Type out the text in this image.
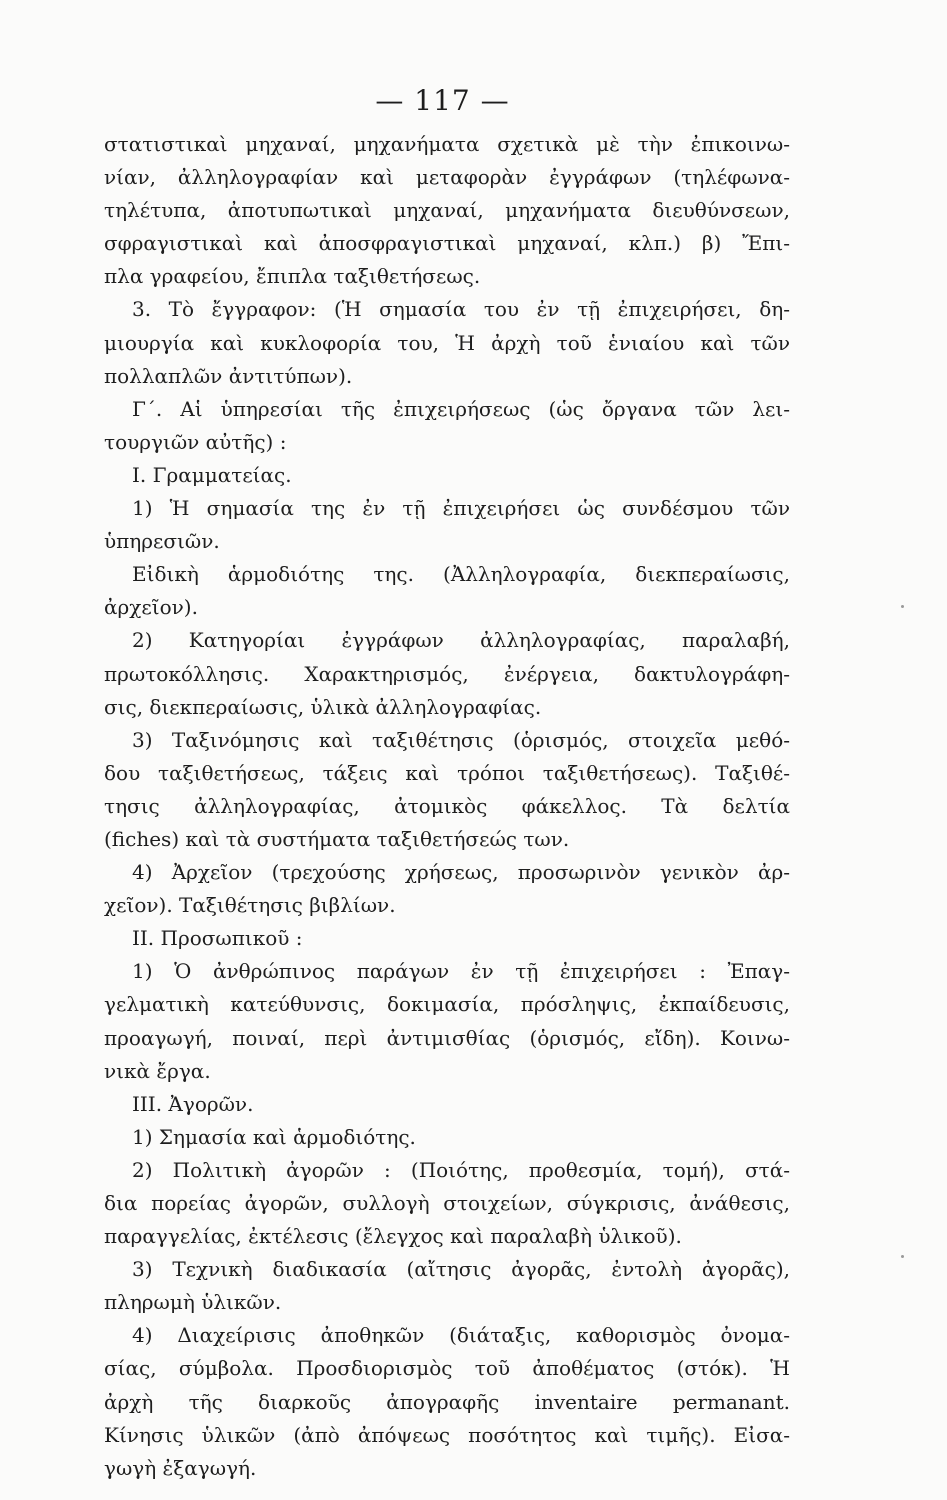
— 117 —
στατιστικαὶ μηχαναί, μηχανήματα σχετικὰ μὲ τὴν ἐπικοινω-
νίαν, ἀλληλογραφίαν καὶ μεταφορὰν ἐγγράφων (τηλέφωνα-
τηλέτυπα, ἀποτυπωτικαὶ μηχαναί, μηχανήματα διευθύνσεων,
σφραγιστικαὶ καὶ ἀποσφραγιστικαὶ μηχαναί, κλπ.) β) Ἔπι-
πλα γραφείου, ἔπιπλα ταξιθετήσεως.
3. Τὸ ἔγγραφον: (Ἡ σημασία του ἐν τῇ ἐπιχειρήσει, δη-
μιουργία καὶ κυκλοφορία του, Ἡ ἀρχὴ τοῦ ἑνιαίου καὶ τῶν
πολλαπλῶν ἀντιτύπων).
Γ΄. Αἱ ὑπηρεσίαι τῆς ἐπιχειρήσεως (ὡς ὄργανα τῶν λει-
τουργιῶν αὐτῆς) :
Ι. Γραμματείας.
1) Ἡ σημασία της ἐν τῇ ἐπιχειρήσει ὡς συνδέσμου τῶν
ὑπηρεσιῶν.
Εἰδικὴ ἁρμοδιότης της. (Ἀλληλογραφία, διεκπεραίωσις,
ἀρχεῖον).
2) Κατηγορίαι ἐγγράφων ἀλληλογραφίας, παραλαβή,
πρωτοκόλλησις. Χαρακτηρισμός, ἐνέργεια, δακτυλογράφη-
σις, διεκπεραίωσις, ὑλικὰ ἀλληλογραφίας.
3) Ταξινόμησις καὶ ταξιθέτησις (ὁρισμός, στοιχεῖα μεθό-
δου ταξιθετήσεως, τάξεις καὶ τρόποι ταξιθετήσεως). Ταξιθέ-
τησις ἀλληλογραφίας, ἀτομικὸς φάκελλος. Τὰ δελτία
(fiches) καὶ τὰ συστήματα ταξιθετήσεώς των.
4) Ἀρχεῖον (τρεχούσης χρήσεως, προσωρινὸν γενικὸν ἀρ-
χεῖον). Ταξιθέτησις βιβλίων.
ΙΙ. Προσωπικοῦ :
1) Ὁ ἀνθρώπινος παράγων ἐν τῇ ἐπιχειρήσει : Ἐπαγ-
γελματικὴ κατεύθυνσις, δοκιμασία, πρόσληψις, ἐκπαίδευσις,
προαγωγή, ποιναί, περὶ ἀντιμισθίας (ὁρισμός, εἴδη). Κοινω-
νικὰ ἔργα.
ΙΙΙ. Ἀγορῶν.
1) Σημασία καὶ ἁρμοδιότης.
2) Πολιτικὴ ἀγορῶν : (Ποιότης, προθεσμία, τομή), στά-
δια πορείας ἀγορῶν, συλλογὴ στοιχείων, σύγκρισις, ἀνάθεσις,
παραγγελίας, ἐκτέλεσις (ἔλεγχος καὶ παραλαβὴ ὑλικοῦ).
3) Τεχνικὴ διαδικασία (αἴτησις ἀγορᾶς, ἐντολὴ ἀγορᾶς),
πληρωμὴ ὑλικῶν.
4) Διαχείρισις ἀποθηκῶν (διάταξις, καθορισμὸς ὀνομα-
σίας, σύμβολα. Προσδιορισμὸς τοῦ ἀποθέματος (στόκ). Ἡ
ἀρχὴ τῆς διαρκοῦς ἀπογραφῆς inventaire permanant.
Κίνησις ὑλικῶν (ἀπὸ ἀπόψεως ποσότητος καὶ τιμῆς). Εἰσα-
γωγὴ ἐξαγωγή.
